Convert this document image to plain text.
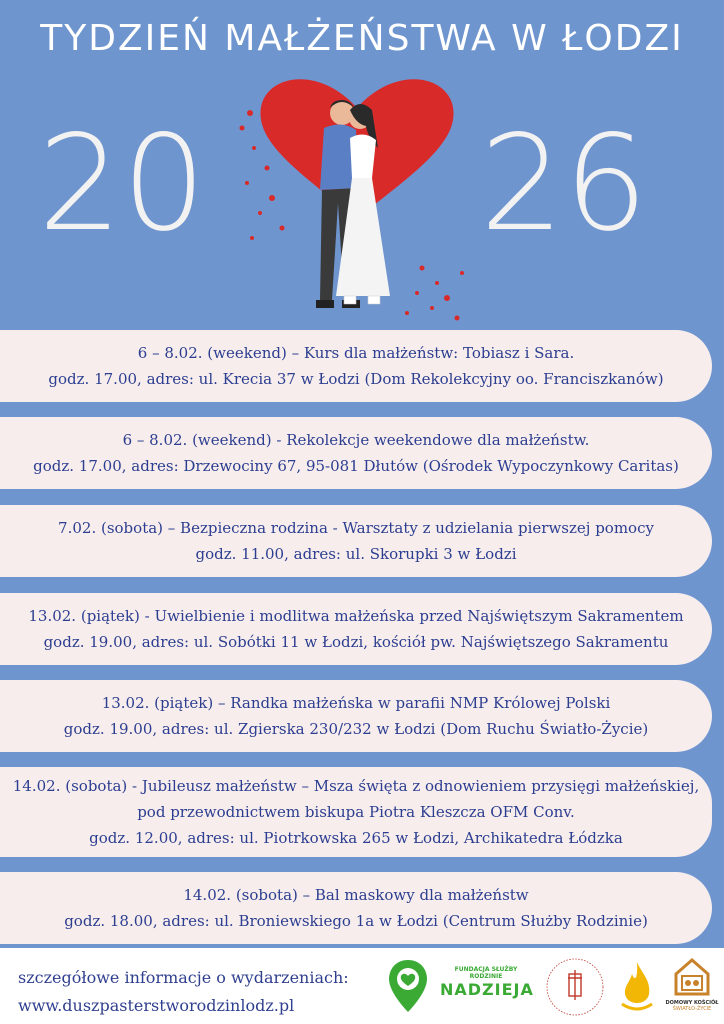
TYDZIEŃ MAŁŻEŃSTWA W ŁODZI
20 26
6 – 8.02. (weekend) – Kurs dla małżeństw: Tobiasz i Sara.
godz. 17.00, adres: ul. Krecia 37 w Łodzi (Dom Rekolekcyjny oo. Franciszkanów)
6 – 8.02. (weekend) - Rekolekcje weekendowe dla małżeństw.
godz. 17.00, adres: Drzewociny 67, 95-081 Dłutów (Ośrodek Wypoczynkowy Caritas)
7.02. (sobota) – Bezpieczna rodzina - Warsztaty z udzielania pierwszej pomocy
godz. 11.00, adres: ul. Skorupki 3 w Łodzi
13.02. (piątek) - Uwielbienie i modlitwa małżeńska przed Najświętszym Sakramentem
godz. 19.00, adres: ul. Sobótki 11 w Łodzi, kościół pw. Najświętszego Sakramentu
13.02. (piątek) – Randka małżeńska w parafii NMP Królowej Polski
godz. 19.00, adres: ul. Zgierska 230/232 w Łodzi (Dom Ruchu Światło-Życie)
14.02. (sobota) - Jubileusz małżeństw – Msza święta z odnowieniem przysięgi małżeńskiej,
pod przewodnictwem biskupa Piotra Kleszcza OFM Conv.
godz. 12.00, adres: ul. Piotrkowska 265 w Łodzi, Archikatedra Łódzka
14.02. (sobota) – Bal maskowy dla małżeństw
godz. 18.00, adres: ul. Broniewskiego 1a w Łodzi (Centrum Służby Rodzinie)
szczegółowe informacje o wydarzeniach:
www.duszpasterstworodzinlodz.pl
FUNDACJA SŁUŻBY RODZINIE
NADZIEJA
DOMOWY KOŚCIÓŁ
ŚWIATŁO-ŻYCIE
